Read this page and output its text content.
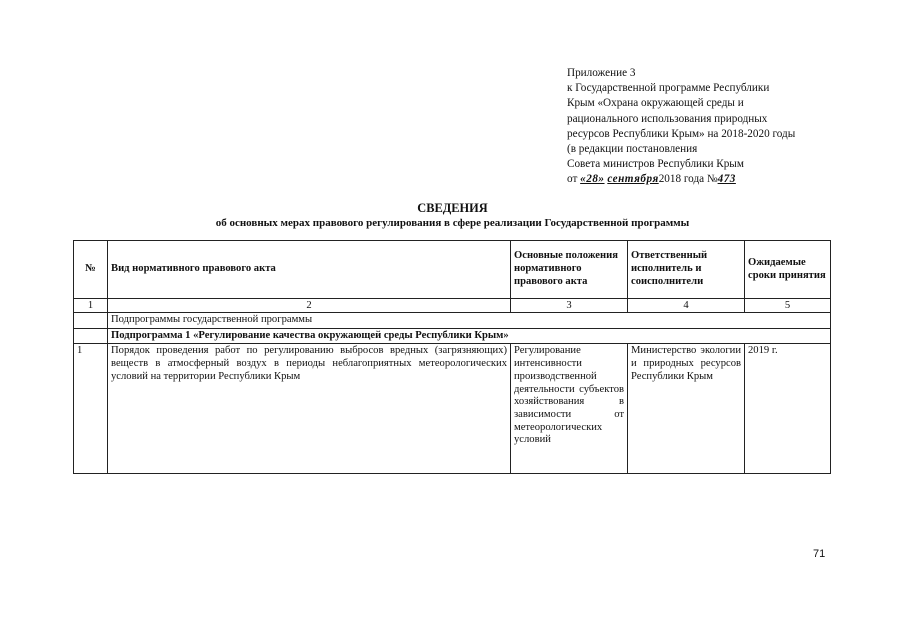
Приложение 3
к Государственной программе Республики
Крым «Охрана окружающей среды и
рационального использования природных
ресурсов Республики Крым» на 2018-2020 годы
(в редакции постановления
Совета министров Республики Крым
от «28» сентября2018 года №473
СВЕДЕНИЯ
об основных мерах правового регулирования в сфере реализации Государственной программы
№	Вид нормативного правового акта	Основные положения нормативного правового акта	Ответственный исполнитель и соисполнители	Ожидаемые сроки принятия
1	2	3	4	5
	Подпрограммы государственной программы			
	Подпрограмма 1 «Регулирование качества окружающей среды Республики Крым»			
1	Порядок проведения работ по регулированию выбросов вредных (загрязняющих) веществ в атмосферный воздух в периоды неблагоприятных метеорологических условий на территории Республики Крым	Регулирование интенсивности производственной деятельности субъектов хозяйствования в зависимости от метеорологических условий	Министерство экологии и природных ресурсов Республики Крым	2019 г.
71
